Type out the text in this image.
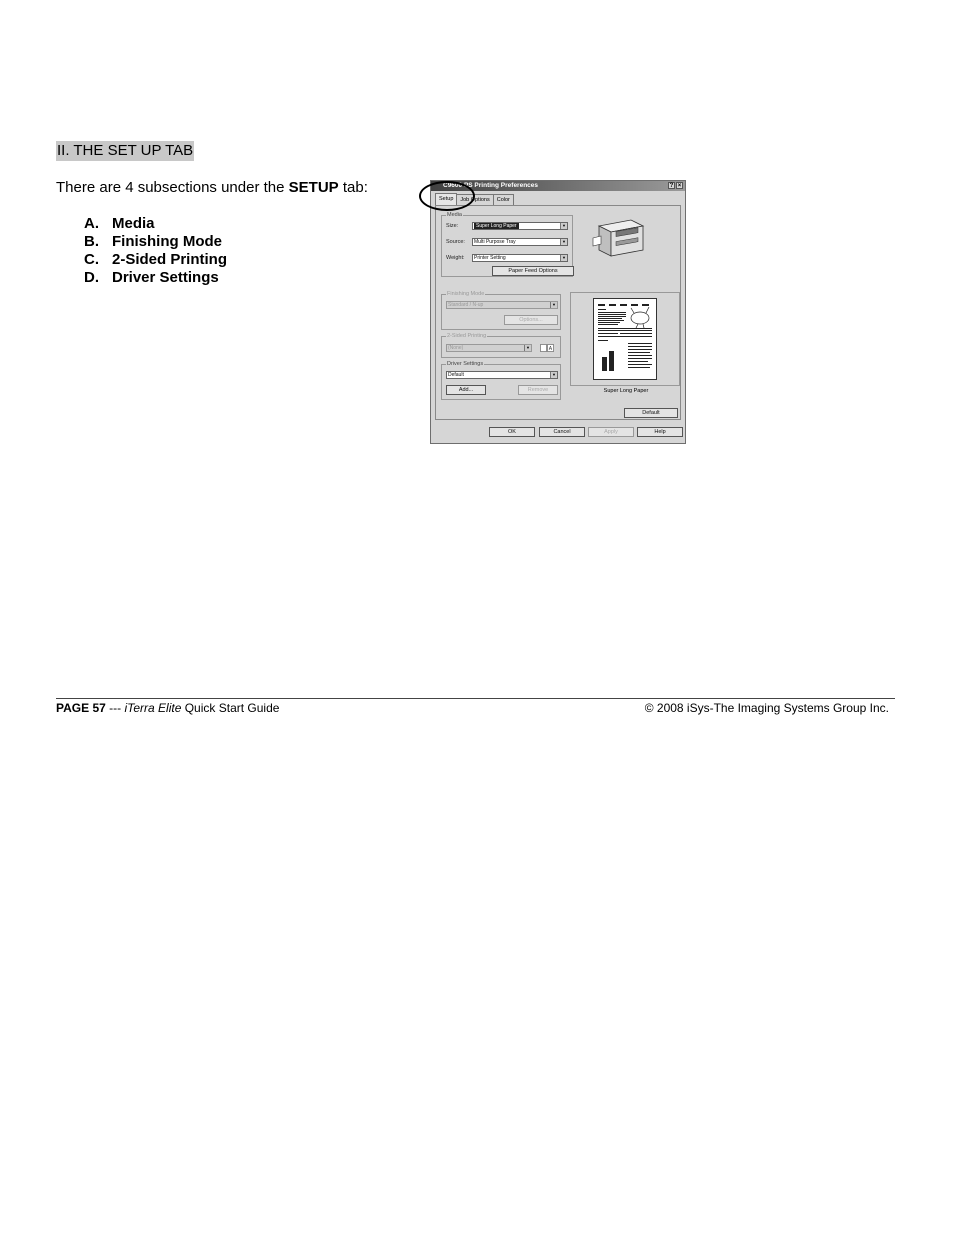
II. THE SET UP TAB
There are 4 subsections under the SETUP tab:
A. Media
B. Finishing Mode
C. 2-Sided Printing
D. Driver Settings
C9600 PS Printing Preferences	? ×
Setup	Job Options	Color
Media
Size:	Super Long Paper	▼
Source:	Multi Purpose Tray	▼
Weight:	Printer Setting	▼
Paper Feed Options
Finishing Mode
Standard / N-up	▼
Options...
2-Sided Printing
(None)	▼	A
Driver Settings
Default	▼
Add...	Remove	Super Long Paper
Default
OK	Cancel	Apply	Help
PAGE 57 --- iTerra Elite Quick Start Guide	© 2008 iSys-The Imaging Systems Group Inc.
